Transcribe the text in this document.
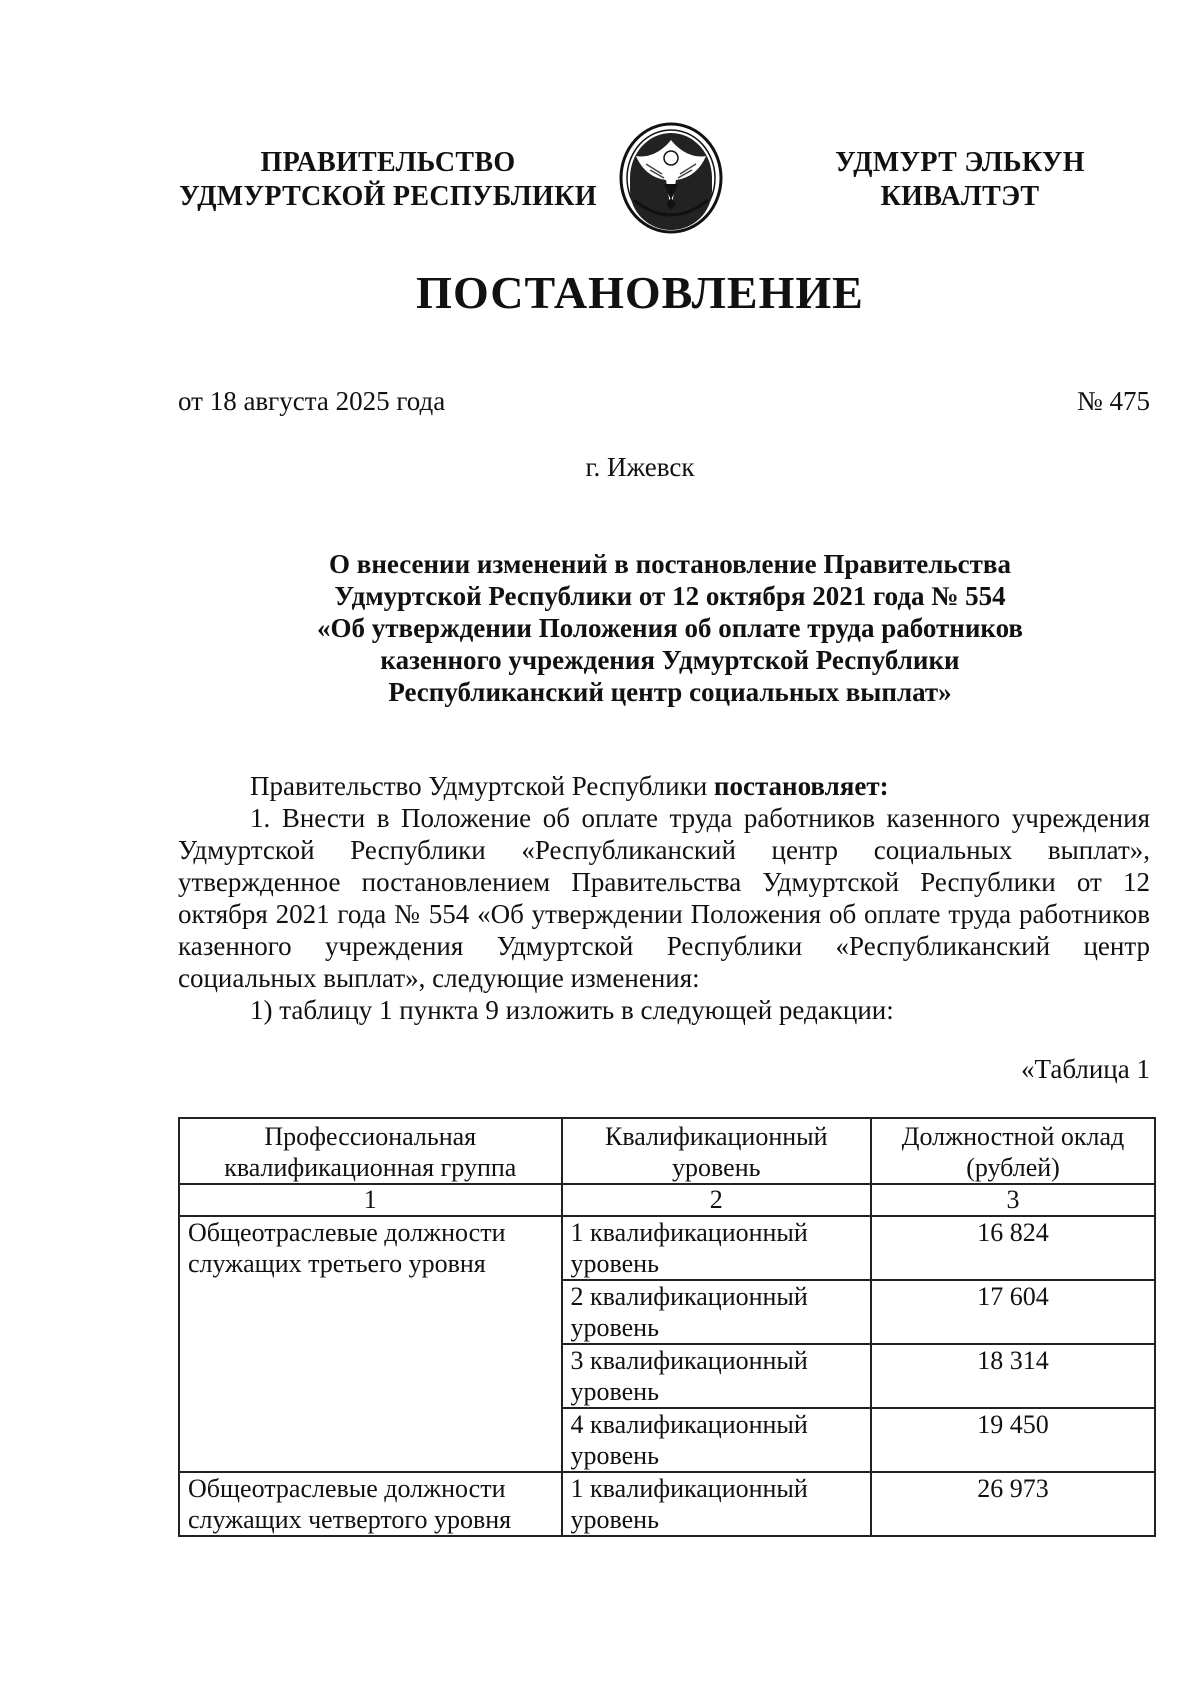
ПРАВИТЕЛЬСТВО
УДМУРТСКОЙ РЕСПУБЛИКИ
УДМУРТ ЭЛЬКУН
КИВАЛТЭТ
ПОСТАНОВЛЕНИЕ
от 18 августа 2025 года	№ 475
г. Ижевск
О внесении изменений в постановление Правительства
Удмуртской Республики от 12 октября 2021 года № 554
«Об утверждении Положения об оплате труда работников
казенного учреждения Удмуртской Республики
Республиканский центр социальных выплат»

Правительство Удмуртской Республики постановляет:

1. Внести в Положение об оплате труда работников казенного учреждения Удмуртской Республики «Республиканский центр социальных выплат», утвержденное постановлением Правительства Удмуртской Республики от 12 октября 2021 года № 554 «Об утверждении Положения об оплате труда работников казенного учреждения Удмуртской Республики «Республиканский центр социальных выплат», следующие изменения:

1) таблицу 1 пункта 9 изложить в следующей редакции:

«Таблица 1
Профессиональная квалификационная группа	Квалификационный уровень	Должностной оклад (рублей)
1	2	3
Общеотраслевые должности служащих третьего уровня	1 квалификационный уровень	16 824
	2 квалификационный уровень	17 604
	3 квалификационный уровень	18 314
	4 квалификационный уровень	19 450
Общеотраслевые должности служащих четвертого уровня	1 квалификационный уровень	26 973
